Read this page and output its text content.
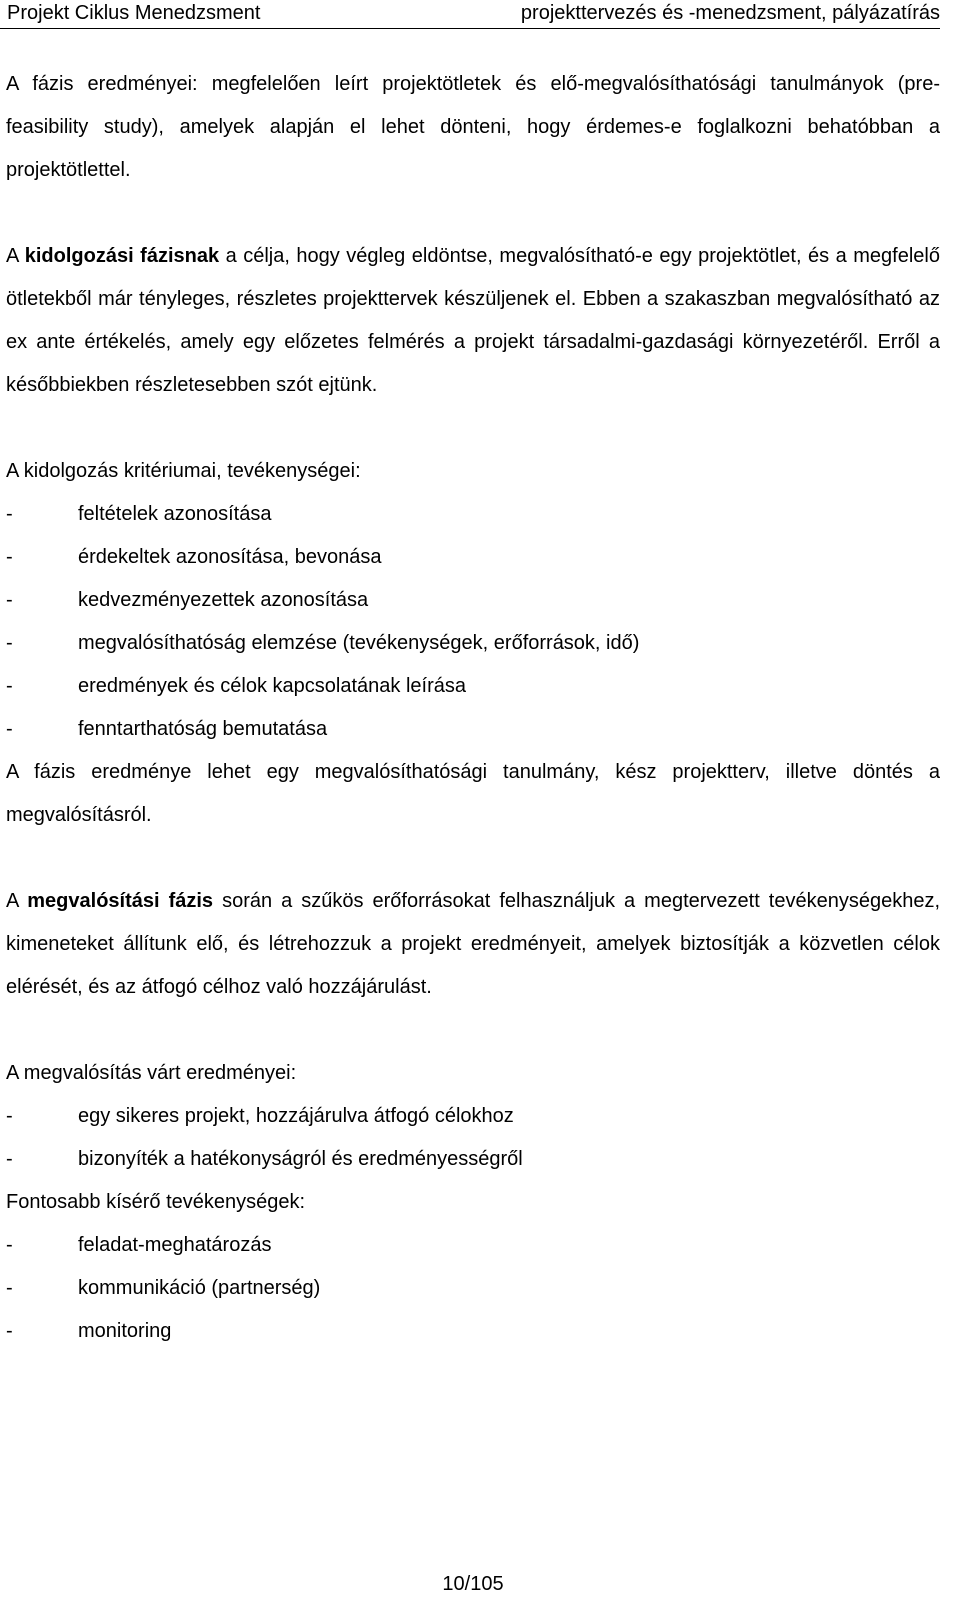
Projekt Ciklus Menedzsment	projekttervezés és -menedzsment, pályázatírás

A fázis eredményei: megfelelően leírt projektötletek és elő-megvalósíthatósági tanulmányok (pre-feasibility study), amelyek alapján el lehet dönteni, hogy érdemes-e foglalkozni behatóbban a projektötlettel.

A kidolgozási fázisnak a célja, hogy végleg eldöntse, megvalósítható-e egy projektötlet, és a megfelelő ötletekből már tényleges, részletes projekttervek készüljenek el. Ebben a szakaszban megvalósítható az ex ante értékelés, amely egy előzetes felmérés a projekt társadalmi-gazdasági környezetéről. Erről a későbbiekben részletesebben szót ejtünk.

A kidolgozás kritériumai, tevékenységei:

-	feltételek azonosítása
-	érdekeltek azonosítása, bevonása
-	kedvezményezettek azonosítása
-	megvalósíthatóság elemzése (tevékenységek, erőforrások, idő)
-	eredmények és célok kapcsolatának leírása
-	fenntarthatóság bemutatása

A fázis eredménye lehet egy megvalósíthatósági tanulmány, kész projektterv, illetve döntés a megvalósításról.

A megvalósítási fázis során a szűkös erőforrásokat felhasználjuk a megtervezett tevékenységekhez, kimeneteket állítunk elő, és létrehozzuk a projekt eredményeit, amelyek biztosítják a közvetlen célok elérését, és az átfogó célhoz való hozzájárulást.

A megvalósítás várt eredményei:

-	egy sikeres projekt, hozzájárulva átfogó célokhoz
-	bizonyíték a hatékonyságról és eredményességről

Fontosabb kísérő tevékenységek:

-	feladat-meghatározás
-	kommunikáció (partnerség)
-	monitoring
10/105
